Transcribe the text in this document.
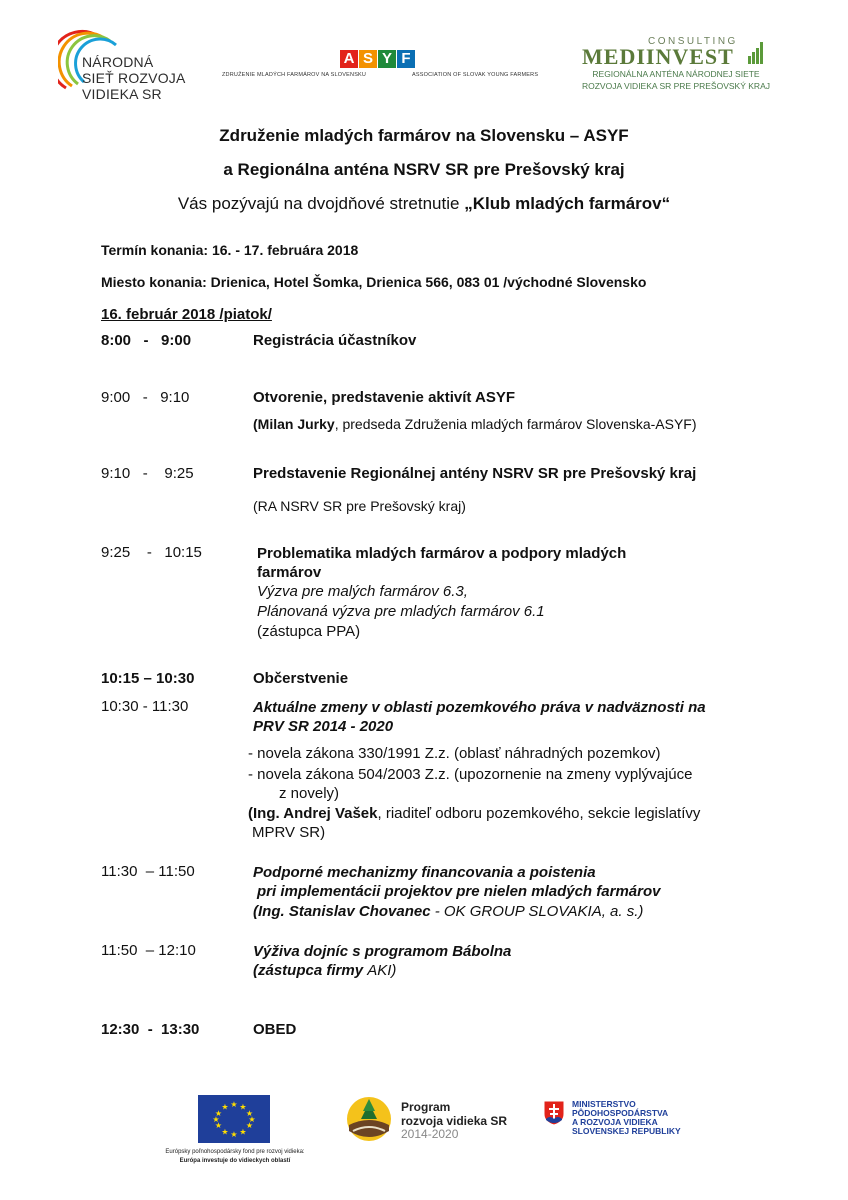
NÁRODNÁ
SIEŤ ROZVOJA
VIDIEKA SR
A S Y F
ZDRUŽENIE MLADÝCH FARMÁROV NA SLOVENSKU	ASSOCIATION OF SLOVAK YOUNG FARMERS
CONSULTING
MEDIINVEST
REGIONÁLNA ANTÉNA NÁRODNEJ SIETE
ROZVOJA VIDIEKA SR PRE PREŠOVSKÝ KRAJ
Združenie mladých farmárov na Slovensku – ASYF
a Regionálna anténa NSRV SR pre Prešovský kraj
Vás pozývajú na dvojdňové stretnutie „Klub mladých farmárov“
Termín konania: 16. - 17. februára 2018
Miesto konania: Drienica, Hotel Šomka, Drienica 566, 083 01 /východné Slovensko
16. február 2018 /piatok/
8:00   -   9:00	Registrácia účastníkov
9:00   -   9:10	Otvorenie, predstavenie aktivít ASYF
(Milan Jurky, predseda Združenia mladých farmárov Slovenska-ASYF)
9:10   -    9:25	Predstavenie Regionálnej antény NSRV SR pre Prešovský kraj
(RA NSRV SR pre Prešovský kraj)
9:25    -   10:15	Problematika mladých farmárov a podpory mladých
farmárov
Výzva pre malých farmárov 6.3,
Plánovaná výzva pre mladých farmárov 6.1
(zástupca PPA)
10:15 – 10:30	Občerstvenie
10:30 - 11:30	Aktuálne zmeny v oblasti pozemkového práva v nadväznosti na
PRV SR 2014 - 2020
- novela zákona 330/1991 Z.z. (oblasť náhradných pozemkov)
- novela zákona 504/2003 Z.z. (upozornenie na zmeny vyplývajúce
z novely)
(Ing. Andrej Vašek, riaditeľ odboru pozemkového, sekcie legislatívy
MPRV SR)
11:30  – 11:50	Podporné mechanizmy financovania a poistenia
pri implementácii projektov pre nielen mladých farmárov
(Ing. Stanislav Chovanec - OK GROUP SLOVAKIA, a. s.)
11:50  – 12:10	Výživa dojníc s programom Bábolna
(zástupca firmy AKI)
12:30  -  13:30	OBED
★ ★
★
★
★
★
★
★
★
★
★
★
Európsky poľnohospodársky fond pre rozvoj vidieka:
Európa investuje do vidieckych oblastí
Program
rozvoja vidieka SR
2014-2020
MINISTERSTVO
PÔDOHOSPODÁRSTVA
A ROZVOJA VIDIEKA
SLOVENSKEJ REPUBLIKY
